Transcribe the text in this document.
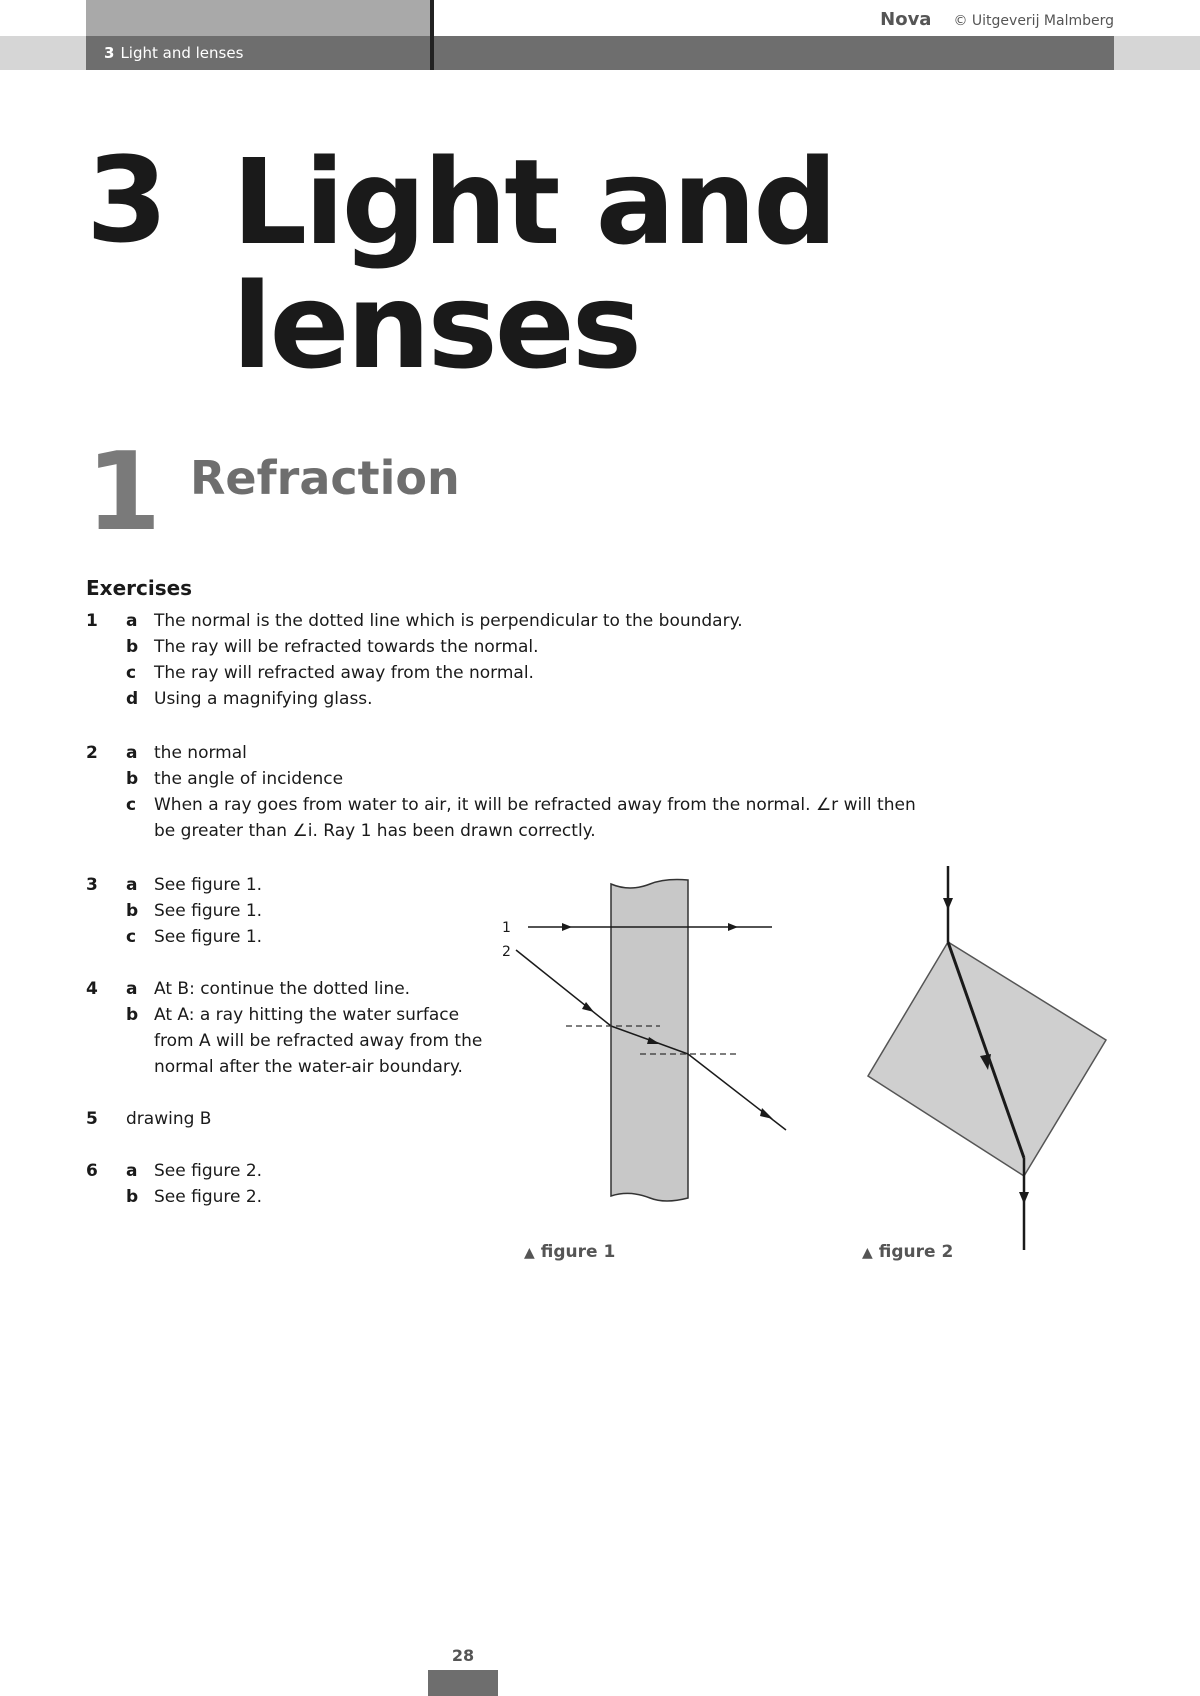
3 Light and lenses
Nova © Uitgeverij Malmberg
3 Light and lenses
1 Refraction
Exercises
1 a The normal is the dotted line which is perpendicular to the boundary.
b The ray will be refracted towards the normal.
c The ray will refracted away from the normal.
d Using a magnifying glass.
2 a the normal
b the angle of incidence
c When a ray goes from water to air, it will be refracted away from the normal. ∠r will then
be greater than ∠i. Ray 1 has been drawn correctly.
3 a See figure 1.
b See figure 1.
c See figure 1.
4 a At B: continue the dotted line.
b At A: a ray hitting the water surface
from A will be refracted away from the
normal after the water-air boundary.
5 drawing B
6 a See figure 2.
b See figure 2.
1
2
▲ figure 1	▲ figure 2
28
